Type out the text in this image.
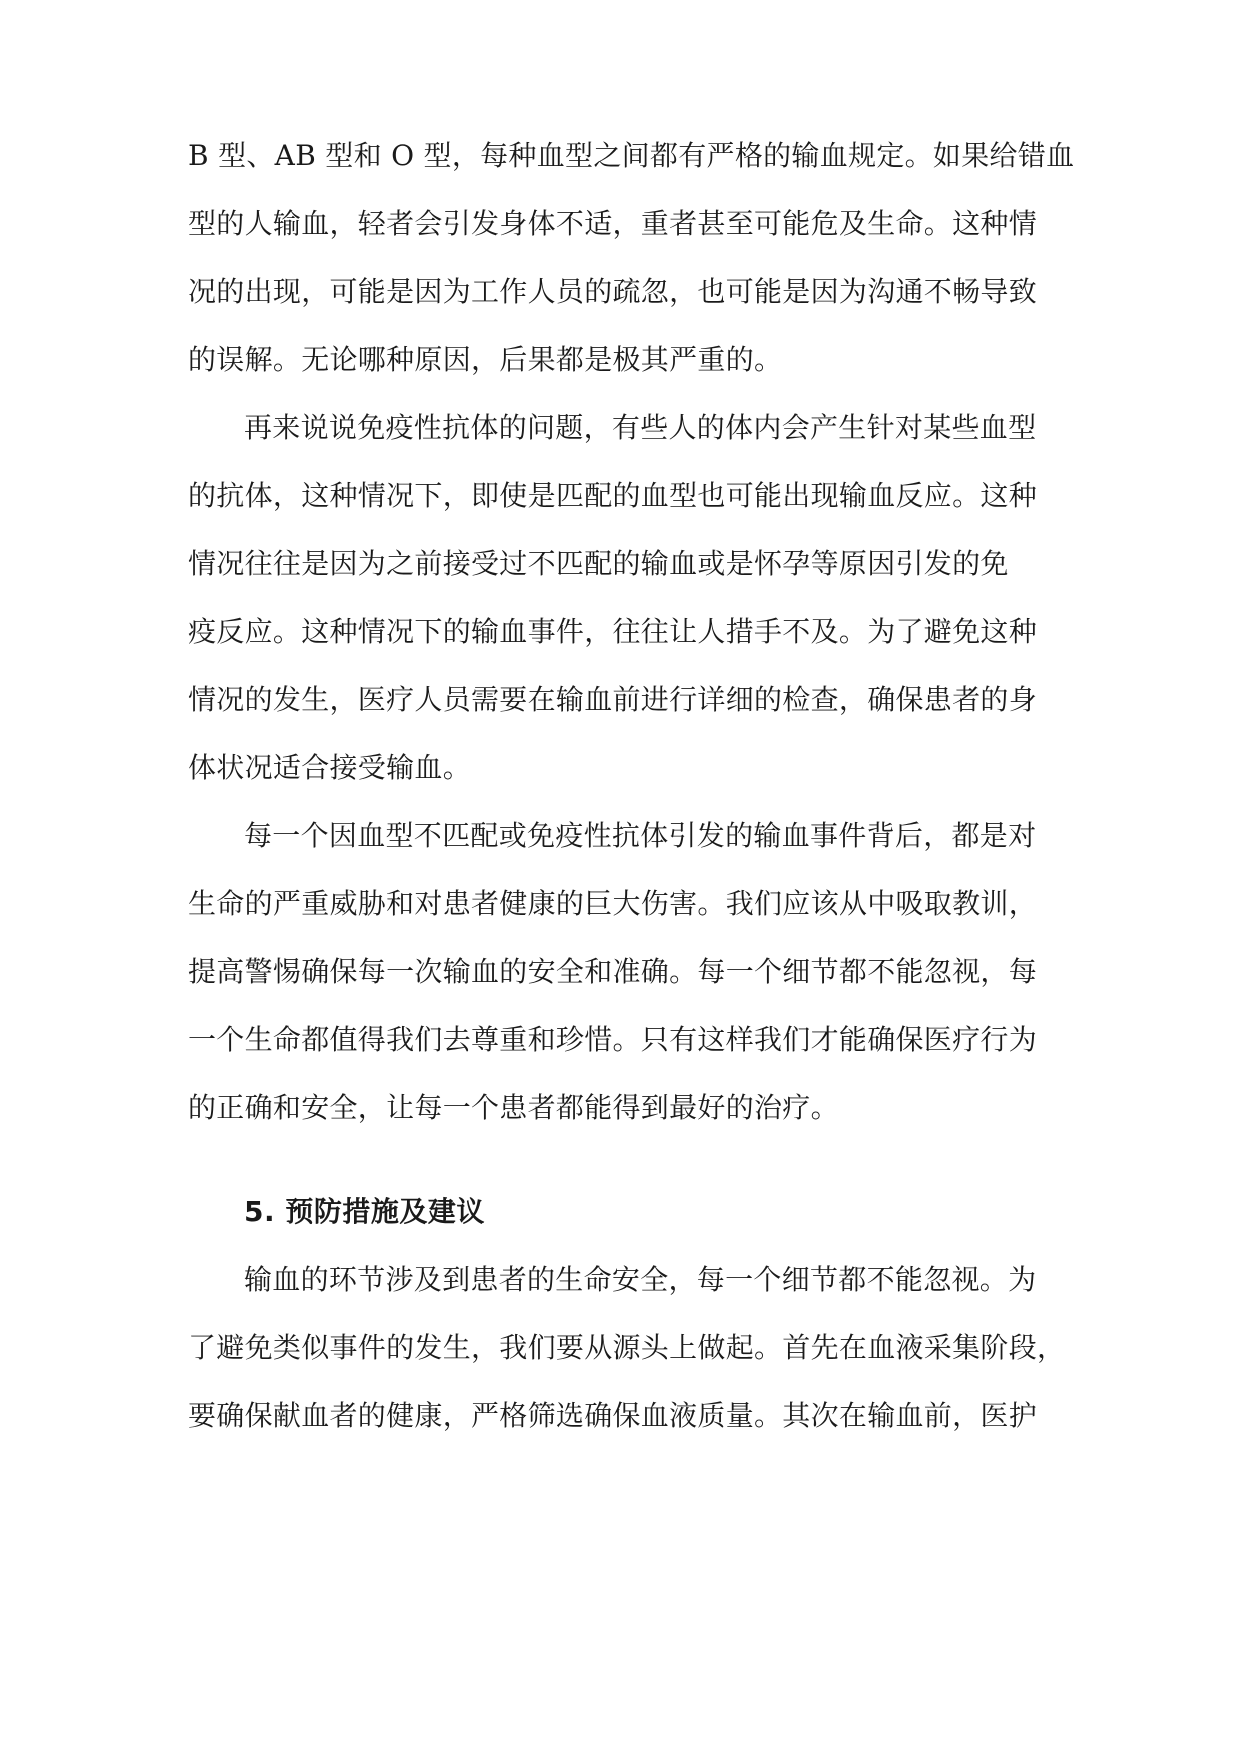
B 型、AB 型和 O 型，每种血型之间都有严格的输血规定。如果给错血
型的人输血，轻者会引发身体不适，重者甚至可能危及生命。这种情
况的出现，可能是因为工作人员的疏忽，也可能是因为沟通不畅导致
的误解。无论哪种原因，后果都是极其严重的。
再来说说免疫性抗体的问题，有些人的体内会产生针对某些血型
的抗体，这种情况下，即使是匹配的血型也可能出现输血反应。这种
情况往往是因为之前接受过不匹配的输血或是怀孕等原因引发的免
疫反应。这种情况下的输血事件，往往让人措手不及。为了避免这种
情况的发生，医疗人员需要在输血前进行详细的检查，确保患者的身
体状况适合接受输血。
每一个因血型不匹配或免疫性抗体引发的输血事件背后，都是对
生命的严重威胁和对患者健康的巨大伤害。我们应该从中吸取教训，
提高警惕确保每一次输血的安全和准确。每一个细节都不能忽视，每
一个生命都值得我们去尊重和珍惜。只有这样我们才能确保医疗行为
的正确和安全，让每一个患者都能得到最好的治疗。
5. 预防措施及建议
输血的环节涉及到患者的生命安全，每一个细节都不能忽视。为
了避免类似事件的发生，我们要从源头上做起。首先在血液采集阶段，
要确保献血者的健康，严格筛选确保血液质量。其次在输血前，医护
